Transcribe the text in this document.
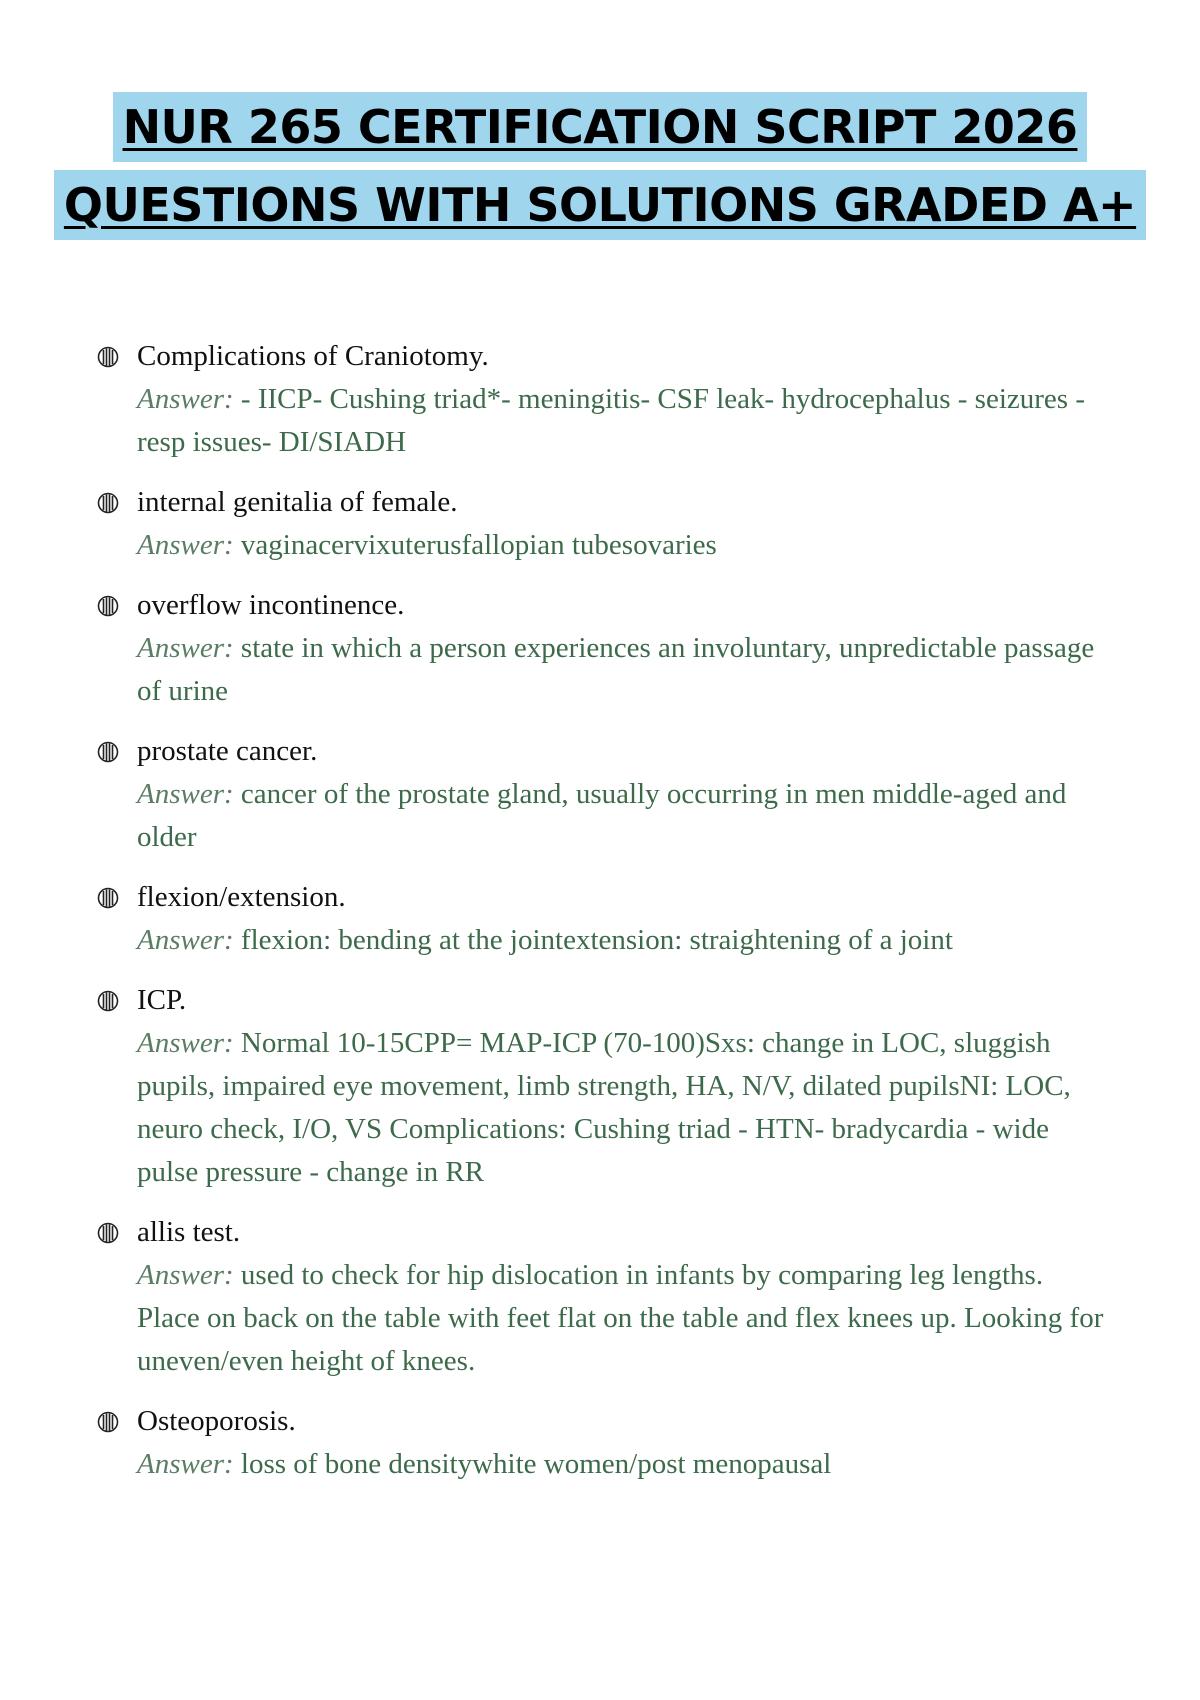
NUR 265 CERTIFICATION SCRIPT 2026
QUESTIONS WITH SOLUTIONS GRADED A+
Complications of Craniotomy.
Answer: - IICP- Cushing triad*- meningitis- CSF leak- hydrocephalus - seizures - resp issues- DI/SIADH
internal genitalia of female.
Answer: vaginacervixuterusfallopian tubesovaries
overflow incontinence.
Answer: state in which a person experiences an involuntary, unpredictable passage of urine
prostate cancer.
Answer: cancer of the prostate gland, usually occurring in men middle-aged and older
flexion/extension.
Answer: flexion: bending at the jointextension: straightening of a joint
ICP.
Answer: Normal 10-15CPP= MAP-ICP (70-100)Sxs: change in LOC, sluggish pupils, impaired eye movement, limb strength, HA, N/V, dilated pupilsNI: LOC, neuro check, I/O, VS Complications: Cushing triad - HTN- bradycardia - wide pulse pressure - change in RR
allis test.
Answer: used to check for hip dislocation in infants by comparing leg lengths. Place on back on the table with feet flat on the table and flex knees up. Looking for uneven/even height of knees.
Osteoporosis.
Answer: loss of bone densitywhite women/post menopausal
